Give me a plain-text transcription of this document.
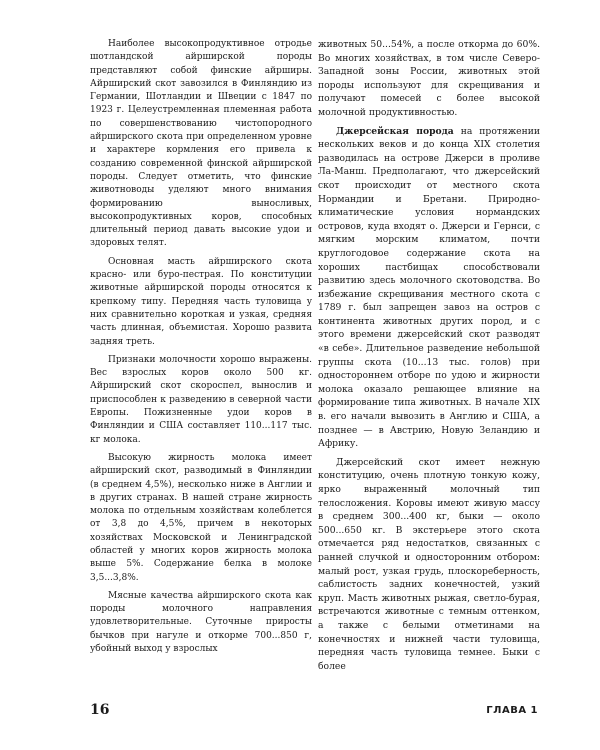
Наиболее высокопродуктивное отродье шотландской айрширской породы представляют собой финские айрширы. Айрширский скот завозился в Финляндию из Германии, Шотландии и Швеции с 1847 по 1923 г. Целеустремленная племенная работа по совершенствованию чистопородного айрширского скота при определенном уровне и характере кормления его привела к созданию современной финской айрширской породы. Следует отметить, что финские животноводы уделяют много внимания формированию выносливых, высокопродуктивных коров, способных длительный период давать высокие удои и здоровых телят.

Основная масть айрширского скота красно- или буро-пестрая. По конституции животные айрширской породы относятся к крепкому типу. Передняя часть туловища у них сравнительно короткая и узкая, средняя часть длинная, объемистая. Хорошо развита задняя треть.

Признаки молочности хорошо выражены. Вес взрослых коров около 500 кг. Айрширский скот скороспел, вынослив и приспособлен к разведению в северной части Европы. Пожизненные удои коров в Финляндии и США составляет 110...117 тыс. кг молока.

Высокую жирность молока имеет айрширский скот, разводимый в Финляндии (в среднем 4,5%), несколько ниже в Англии и в других странах. В нашей стране жирность молока по отдельным хозяйствам колеблется от 3,8 до 4,5%, причем в некоторых хозяйствах Московской и Ленинградской областей у многих коров жирность молока выше 5%. Содержание белка в молоке 3,5...3,8%.

Мясные качества айрширского скота как породы молочного направления удовлетворительные. Суточные приросты бычков при нагуле и откорме 700...850 г, убойный выход у взрослых

животных 50...54%, а после откорма до 60%. Во многих хозяйствах, в том числе Северо-Западной зоны России, животных этой породы используют для скрещивания и получают помесей с более высокой молочной продуктивностью.

Джерсейская порода на протяжении нескольких веков и до конца XIX столетия разводилась на острове Джерси в проливе Ла-Манш. Предполагают, что джерсейский скот происходит от местного скота Нормандии и Бретани. Природно-климатические условия нормандских островов, куда входят о. Джерси и Гернси, с мягким морским климатом, почти круглогодовое содержание скота на хороших пастбищах способствовали развитию здесь молочного скотоводства. Во избежание скрещивания местного скота с 1789 г. был запрещен завоз на остров с континента животных других пород, и с этого времени джерсейский скот разводят «в себе». Длительное разведение небольшой группы скота (10...13 тыс. голов) при одностороннем отборе по удою и жирности молока оказало решающее влияние на формирование типа животных. В начале XIX в. его начали вывозить в Англию и США, а позднее — в Австрию, Новую Зеландию и Африку.

Джерсейский скот имеет нежную конституцию, очень плотную тонкую кожу, ярко выраженный молочный тип телосложения. Коровы имеют живую массу в среднем 300...400 кг, быки — около 500...650 кг. В экстерьере этого скота отмечается ряд недостатков, связанных с ранней случкой и односторонним отбором: малый рост, узкая грудь, плоскореберность, саблистость задних конечностей, узкий круп. Масть животных рыжая, светло-бурая, встречаются животные с темным оттенком, а также с белыми отметинами на конечностях и нижней части туловища, передняя часть туловища темнее. Быки с более

16	ГЛАВА 1
